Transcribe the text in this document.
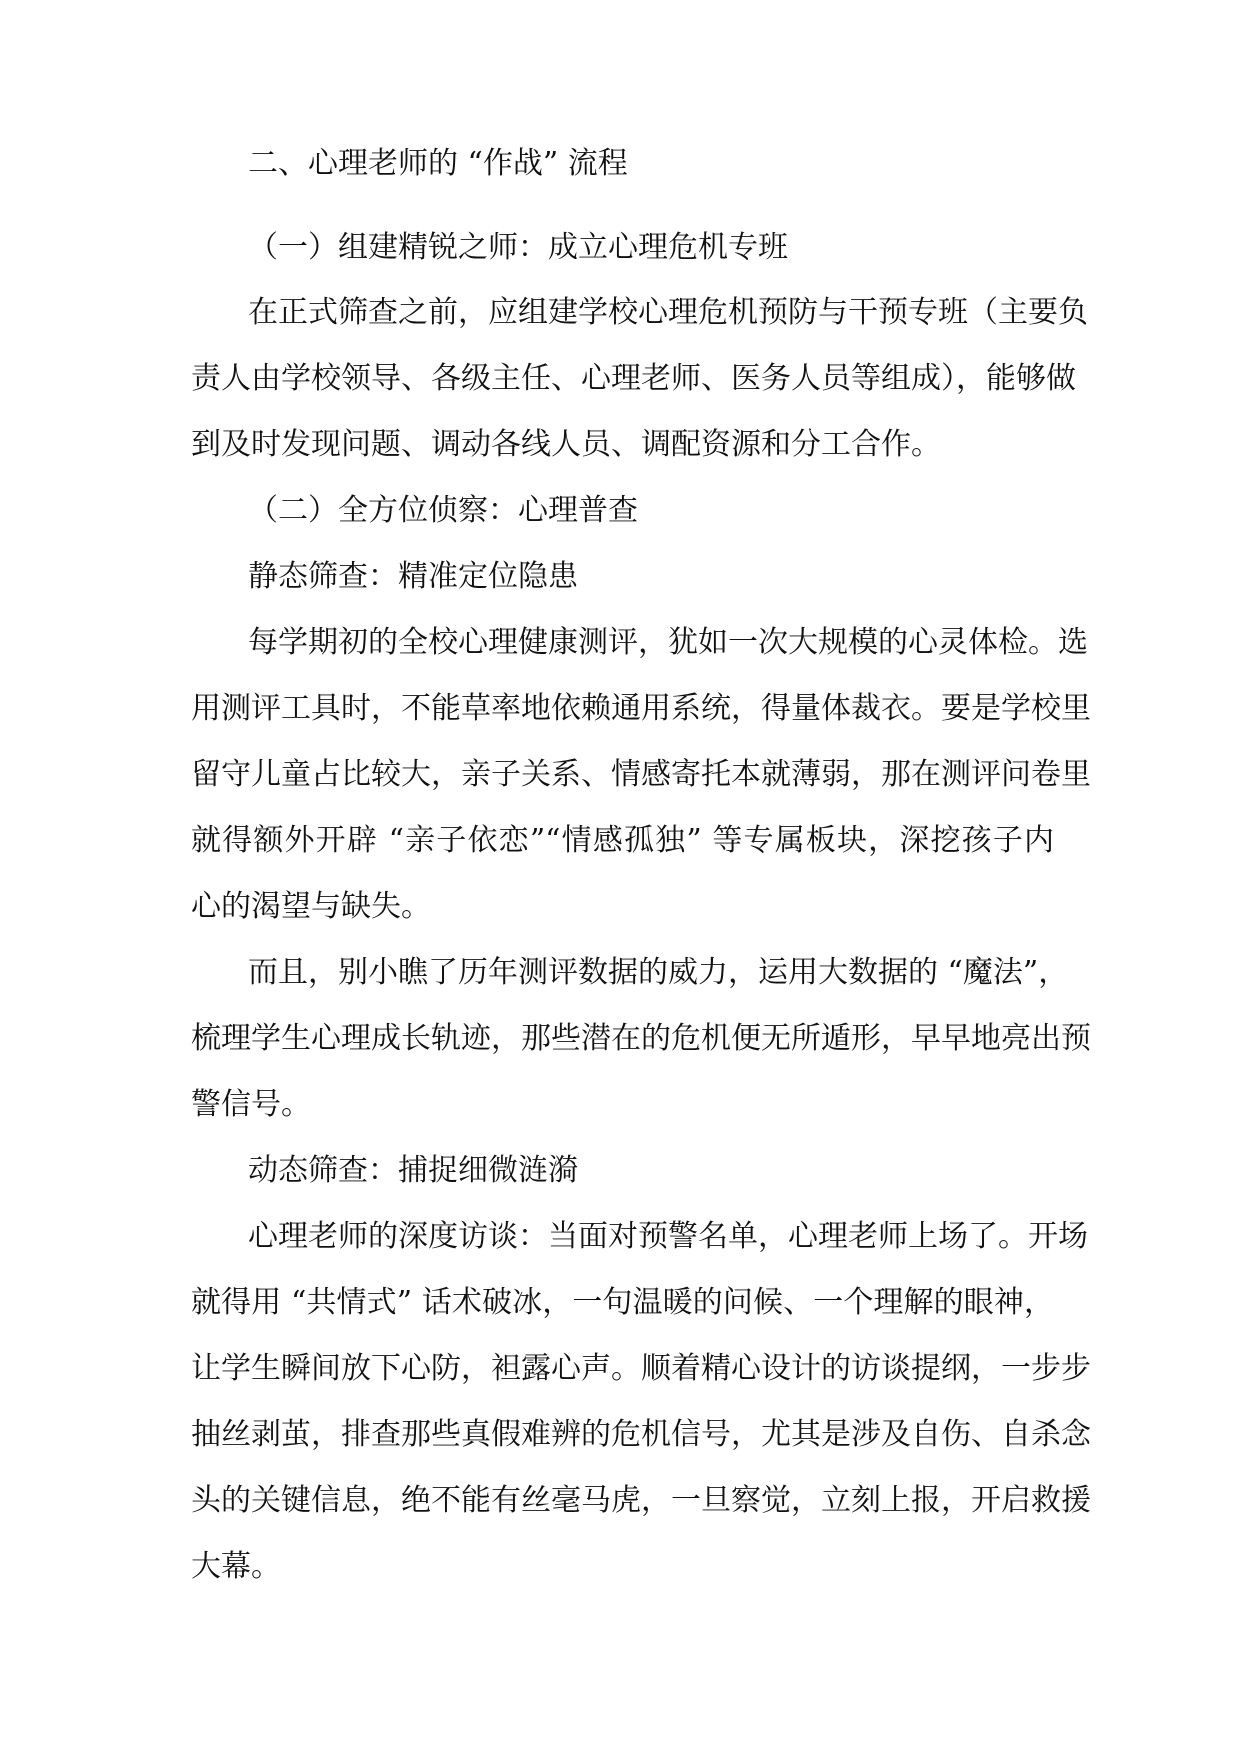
二、心理老师的 “作战” 流程

（一）组建精锐之师：成立心理危机专班

在正式筛查之前，应组建学校心理危机预防与干预专班（主要负

责人由学校领导、各级主任、心理老师、医务人员等组成），能够做

到及时发现问题、调动各线人员、调配资源和分工合作。

（二）全方位侦察：心理普查

静态筛查：精准定位隐患

每学期初的全校心理健康测评，犹如一次大规模的心灵体检。选

用测评工具时，不能草率地依赖通用系统，得量体裁衣。要是学校里

留守儿童占比较大，亲子关系、情感寄托本就薄弱，那在测评问卷里

就得额外开辟 “亲子依恋”“情感孤独” 等专属板块，深挖孩子内

心的渴望与缺失。

而且，别小瞧了历年测评数据的威力，运用大数据的 “魔法”，

梳理学生心理成长轨迹，那些潜在的危机便无所遁形，早早地亮出预

警信号。

动态筛查：捕捉细微涟漪

心理老师的深度访谈：当面对预警名单，心理老师上场了。开场

就得用 “共情式” 话术破冰，一句温暖的问候、一个理解的眼神，

让学生瞬间放下心防，袒露心声。顺着精心设计的访谈提纲，一步步

抽丝剥茧，排查那些真假难辨的危机信号，尤其是涉及自伤、自杀念

头的关键信息，绝不能有丝毫马虎，一旦察觉，立刻上报，开启救援

大幕。
